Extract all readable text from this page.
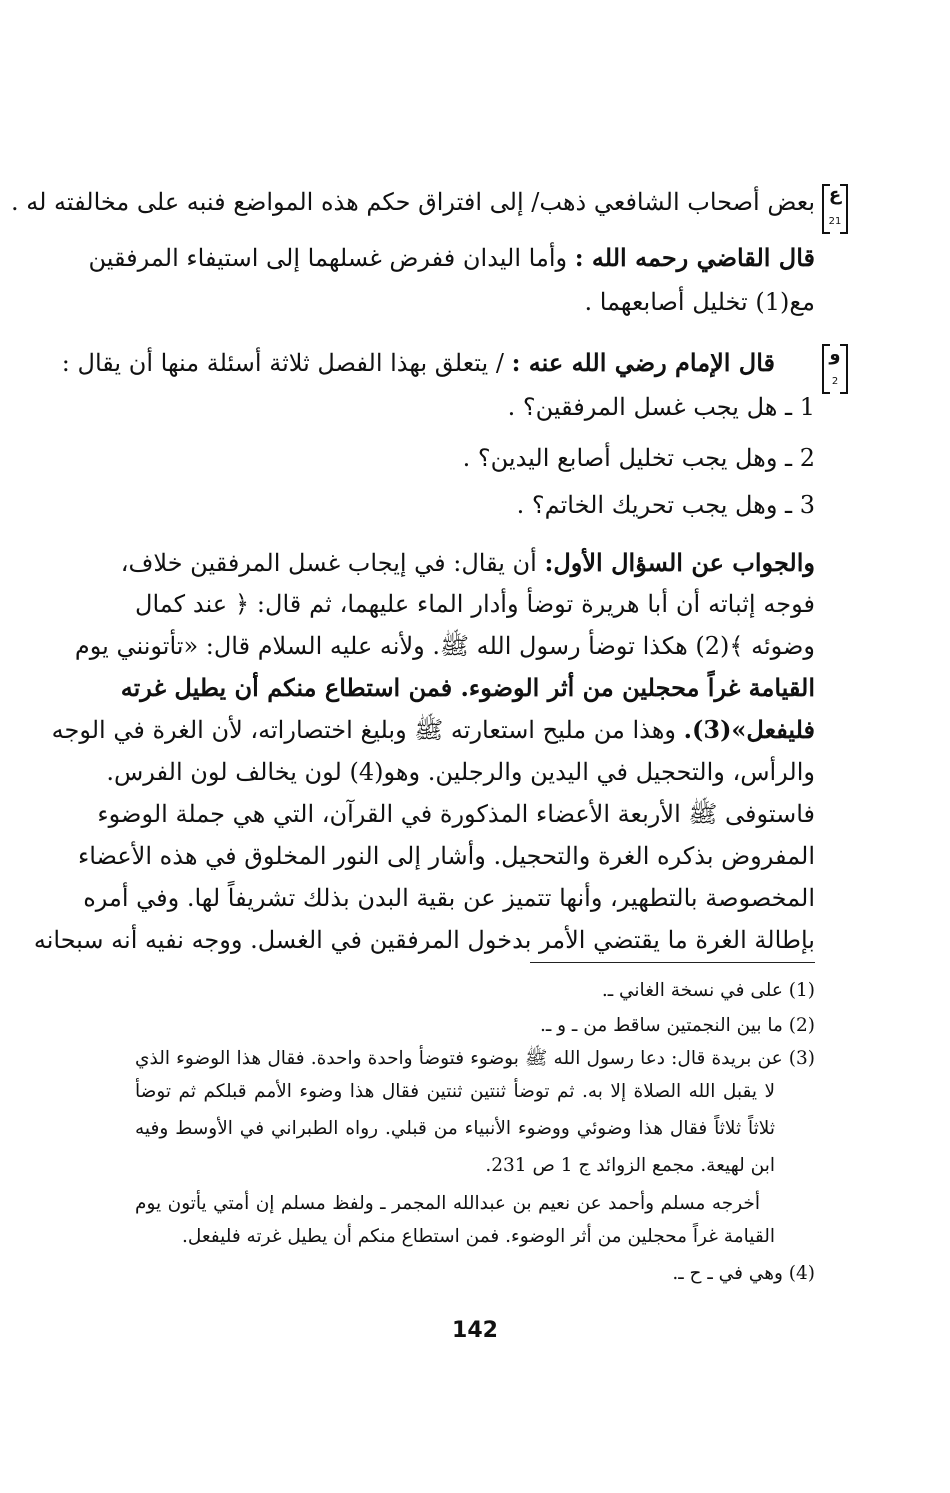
ع
21
و
2
بعض أصحاب الشافعي ذهب/ إلى افتراق حكم هذه المواضع فنبه على مخالفته له .
قال القاضي رحمه الله : وأما اليدان ففرض غسلهما إلى استيفاء المرفقين
مع(1) تخليل أصابعهما .
قال الإمام رضي الله عنه : / يتعلق بهذا الفصل ثلاثة أسئلة منها أن يقال :
1 ـ هل يجب غسل المرفقين؟ .
2 ـ وهل يجب تخليل أصابع اليدين؟ .
3 ـ وهل يجب تحريك الخاتم؟ .
والجواب عن السؤال الأول: أن يقال: في إيجاب غسل المرفقين خلاف،
فوجه إثباته أن أبا هريرة توضأ وأدار الماء عليهما، ثم قال: ﴿ عند كمال
وضوئه ﴾(2) هكذا توضأ رسول الله ﷺ. ولأنه عليه السلام قال: «تأتونني يوم
القيامة غراً محجلين من أثر الوضوء. فمن استطاع منكم أن يطيل غرته
فليفعل»(3). وهذا من مليح استعارته ﷺ وبليغ اختصاراته، لأن الغرة في الوجه
والرأس، والتحجيل في اليدين والرجلين. وهو(4) لون يخالف لون الفرس.
فاستوفى ﷺ الأربعة الأعضاء المذكورة في القرآن، التي هي جملة الوضوء
المفروض بذكره الغرة والتحجيل. وأشار إلى النور المخلوق في هذه الأعضاء
المخصوصة بالتطهير، وأنها تتميز عن بقية البدن بذلك تشريفاً لها. وفي أمره
بإطالة الغرة ما يقتضي الأمر بدخول المرفقين في الغسل. ووجه نفيه أنه سبحانه
(1) على في نسخة الغاني ـ.
(2) ما بين النجمتين ساقط من ـ و ـ.
(3) عن بريدة قال: دعا رسول الله ﷺ بوضوء فتوضأ واحدة واحدة. فقال هذا الوضوء الذي
لا يقبل الله الصلاة إلا به. ثم توضأ ثنتين ثنتين فقال هذا وضوء الأمم قبلكم ثم توضأ
ثلاثاً ثلاثاً فقال هذا وضوئي ووضوء الأنبياء من قبلي. رواه الطبراني في الأوسط وفيه
ابن لهيعة. مجمع الزوائد ج 1 ص 231.
أخرجه مسلم وأحمد عن نعيم بن عبدالله المجمر ـ ولفظ مسلم إن أمتي يأتون يوم
القيامة غراً محجلين من أثر الوضوء. فمن استطاع منكم أن يطيل غرته فليفعل.
(4) وهي في ـ ح ـ.
142
